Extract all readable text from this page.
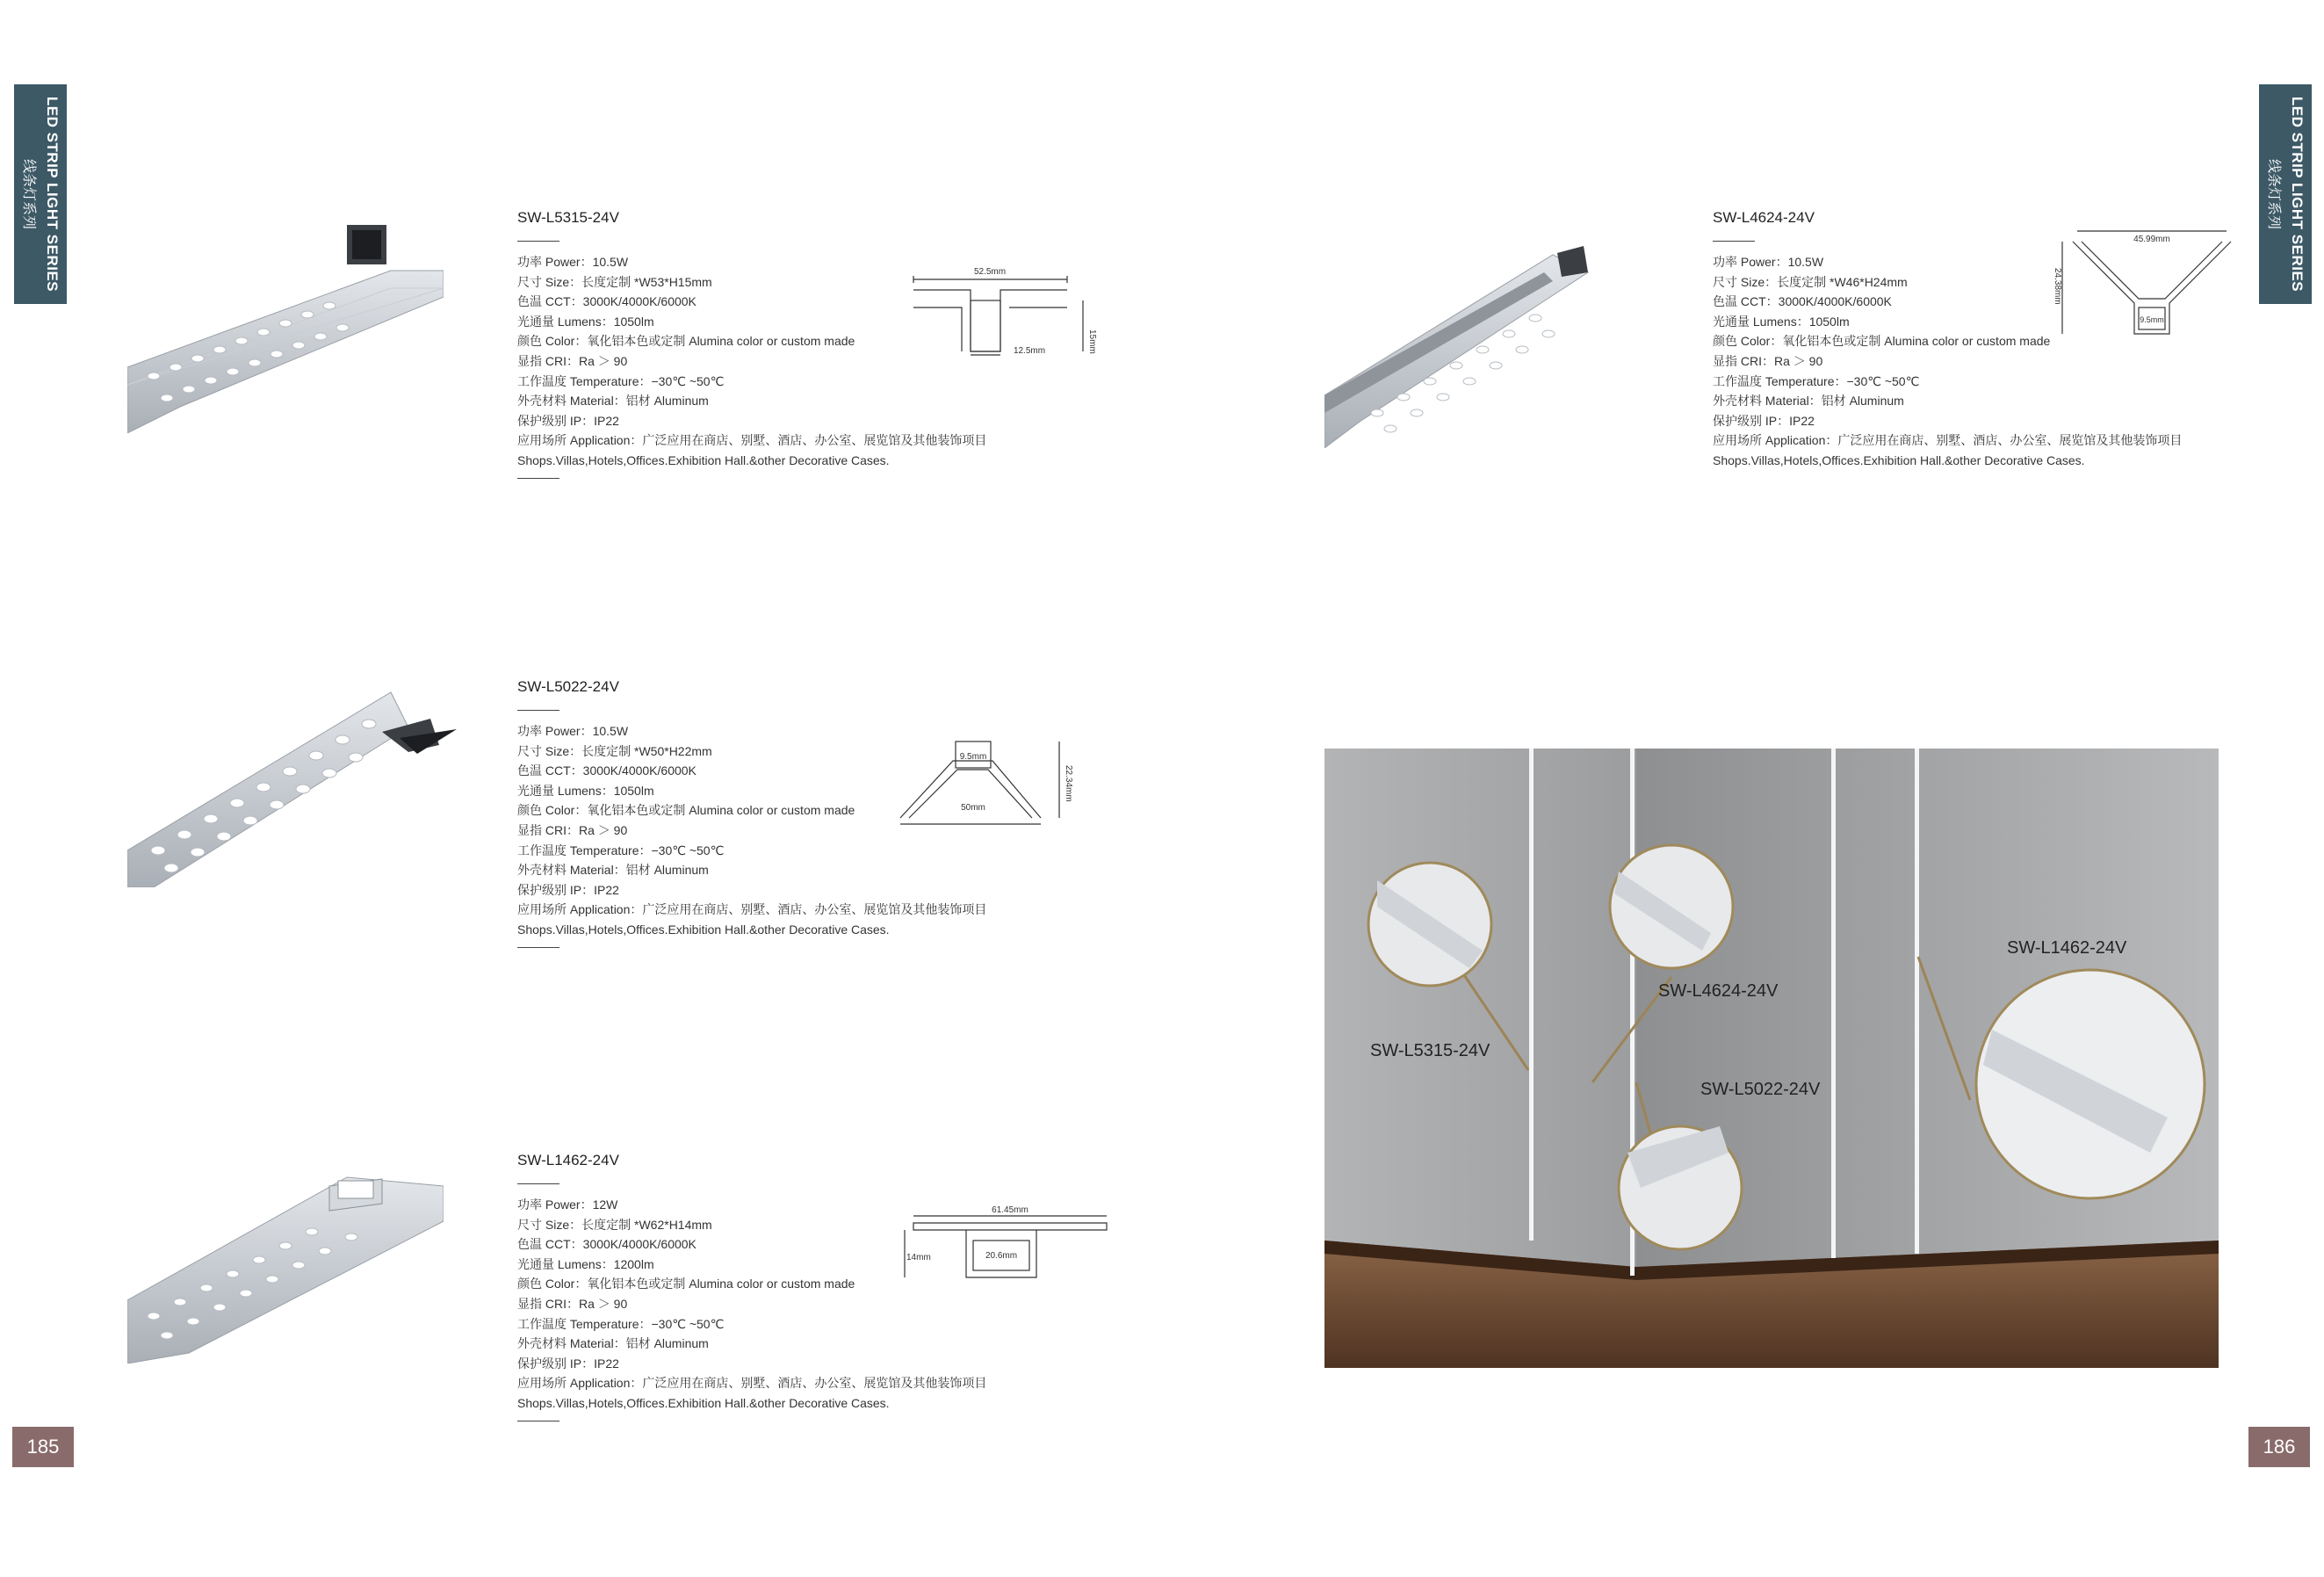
LED STRIP LIGHT SERIES
线条灯系列	LED STRIP LIGHT SERIES
线条灯系列

SW-L5315-24V

功率 Power：10.5W
尺寸 Size：长度定制 *W53*H15mm
色温 CCT：3000K/4000K/6000K
光通量 Lumens：1050lm
颜色 Color：氧化铝本色或定制 Alumina color or custom made
显指 CRI：Ra ＞ 90
工作温度 Temperature：−30℃ ~50℃
外壳材料 Material：铝材 Aluminum
保护级别 IP：IP22
应用场所 Application：广泛应用在商店、别墅、酒店、办公室、展览馆及其他装饰项目
Shops.Villas,Hotels,Offices.Exhibition Hall.&other Decorative Cases.

SW-L5022-24V

功率 Power：10.5W
尺寸 Size：长度定制 *W50*H22mm
色温 CCT：3000K/4000K/6000K
光通量 Lumens：1050lm
颜色 Color：氧化铝本色或定制 Alumina color or custom made
显指 CRI：Ra ＞ 90
工作温度 Temperature：−30℃ ~50℃
外壳材料 Material：铝材 Aluminum
保护级别 IP：IP22
应用场所 Application：广泛应用在商店、别墅、酒店、办公室、展览馆及其他装饰项目
Shops.Villas,Hotels,Offices.Exhibition Hall.&other Decorative Cases.

SW-L1462-24V

功率 Power：12W
尺寸 Size：长度定制 *W62*H14mm
色温 CCT：3000K/4000K/6000K
光通量 Lumens：1200lm
颜色 Color：氧化铝本色或定制 Alumina color or custom made
显指 CRI：Ra ＞ 90
工作温度 Temperature：−30℃ ~50℃
外壳材料 Material：铝材 Aluminum
保护级别 IP：IP22
应用场所 Application：广泛应用在商店、别墅、酒店、办公室、展览馆及其他装饰项目
Shops.Villas,Hotels,Offices.Exhibition Hall.&other Decorative Cases.

SW-L4624-24V

功率 Power：10.5W
尺寸 Size：长度定制 *W46*H24mm
色温 CCT：3000K/4000K/6000K
光通量 Lumens：1050lm
颜色 Color：氧化铝本色或定制 Alumina color or custom made
显指 CRI：Ra ＞ 90
工作温度 Temperature：−30℃ ~50℃
外壳材料 Material：铝材 Aluminum
保护级别 IP：IP22
应用场所 Application：广泛应用在商店、别墅、酒店、办公室、展览馆及其他装饰项目
Shops.Villas,Hotels,Offices.Exhibition Hall.&other Decorative Cases.
52.5mm
15mm
12.5mm
9.5mm
22.34mm
50mm
61.45mm
14mm	20.6mm
45.99mm
24.38mm
9.5mm
SW-L5315-24V
SW-L4624-24V
SW-L5022-24V
SW-L1462-24V
185	186
